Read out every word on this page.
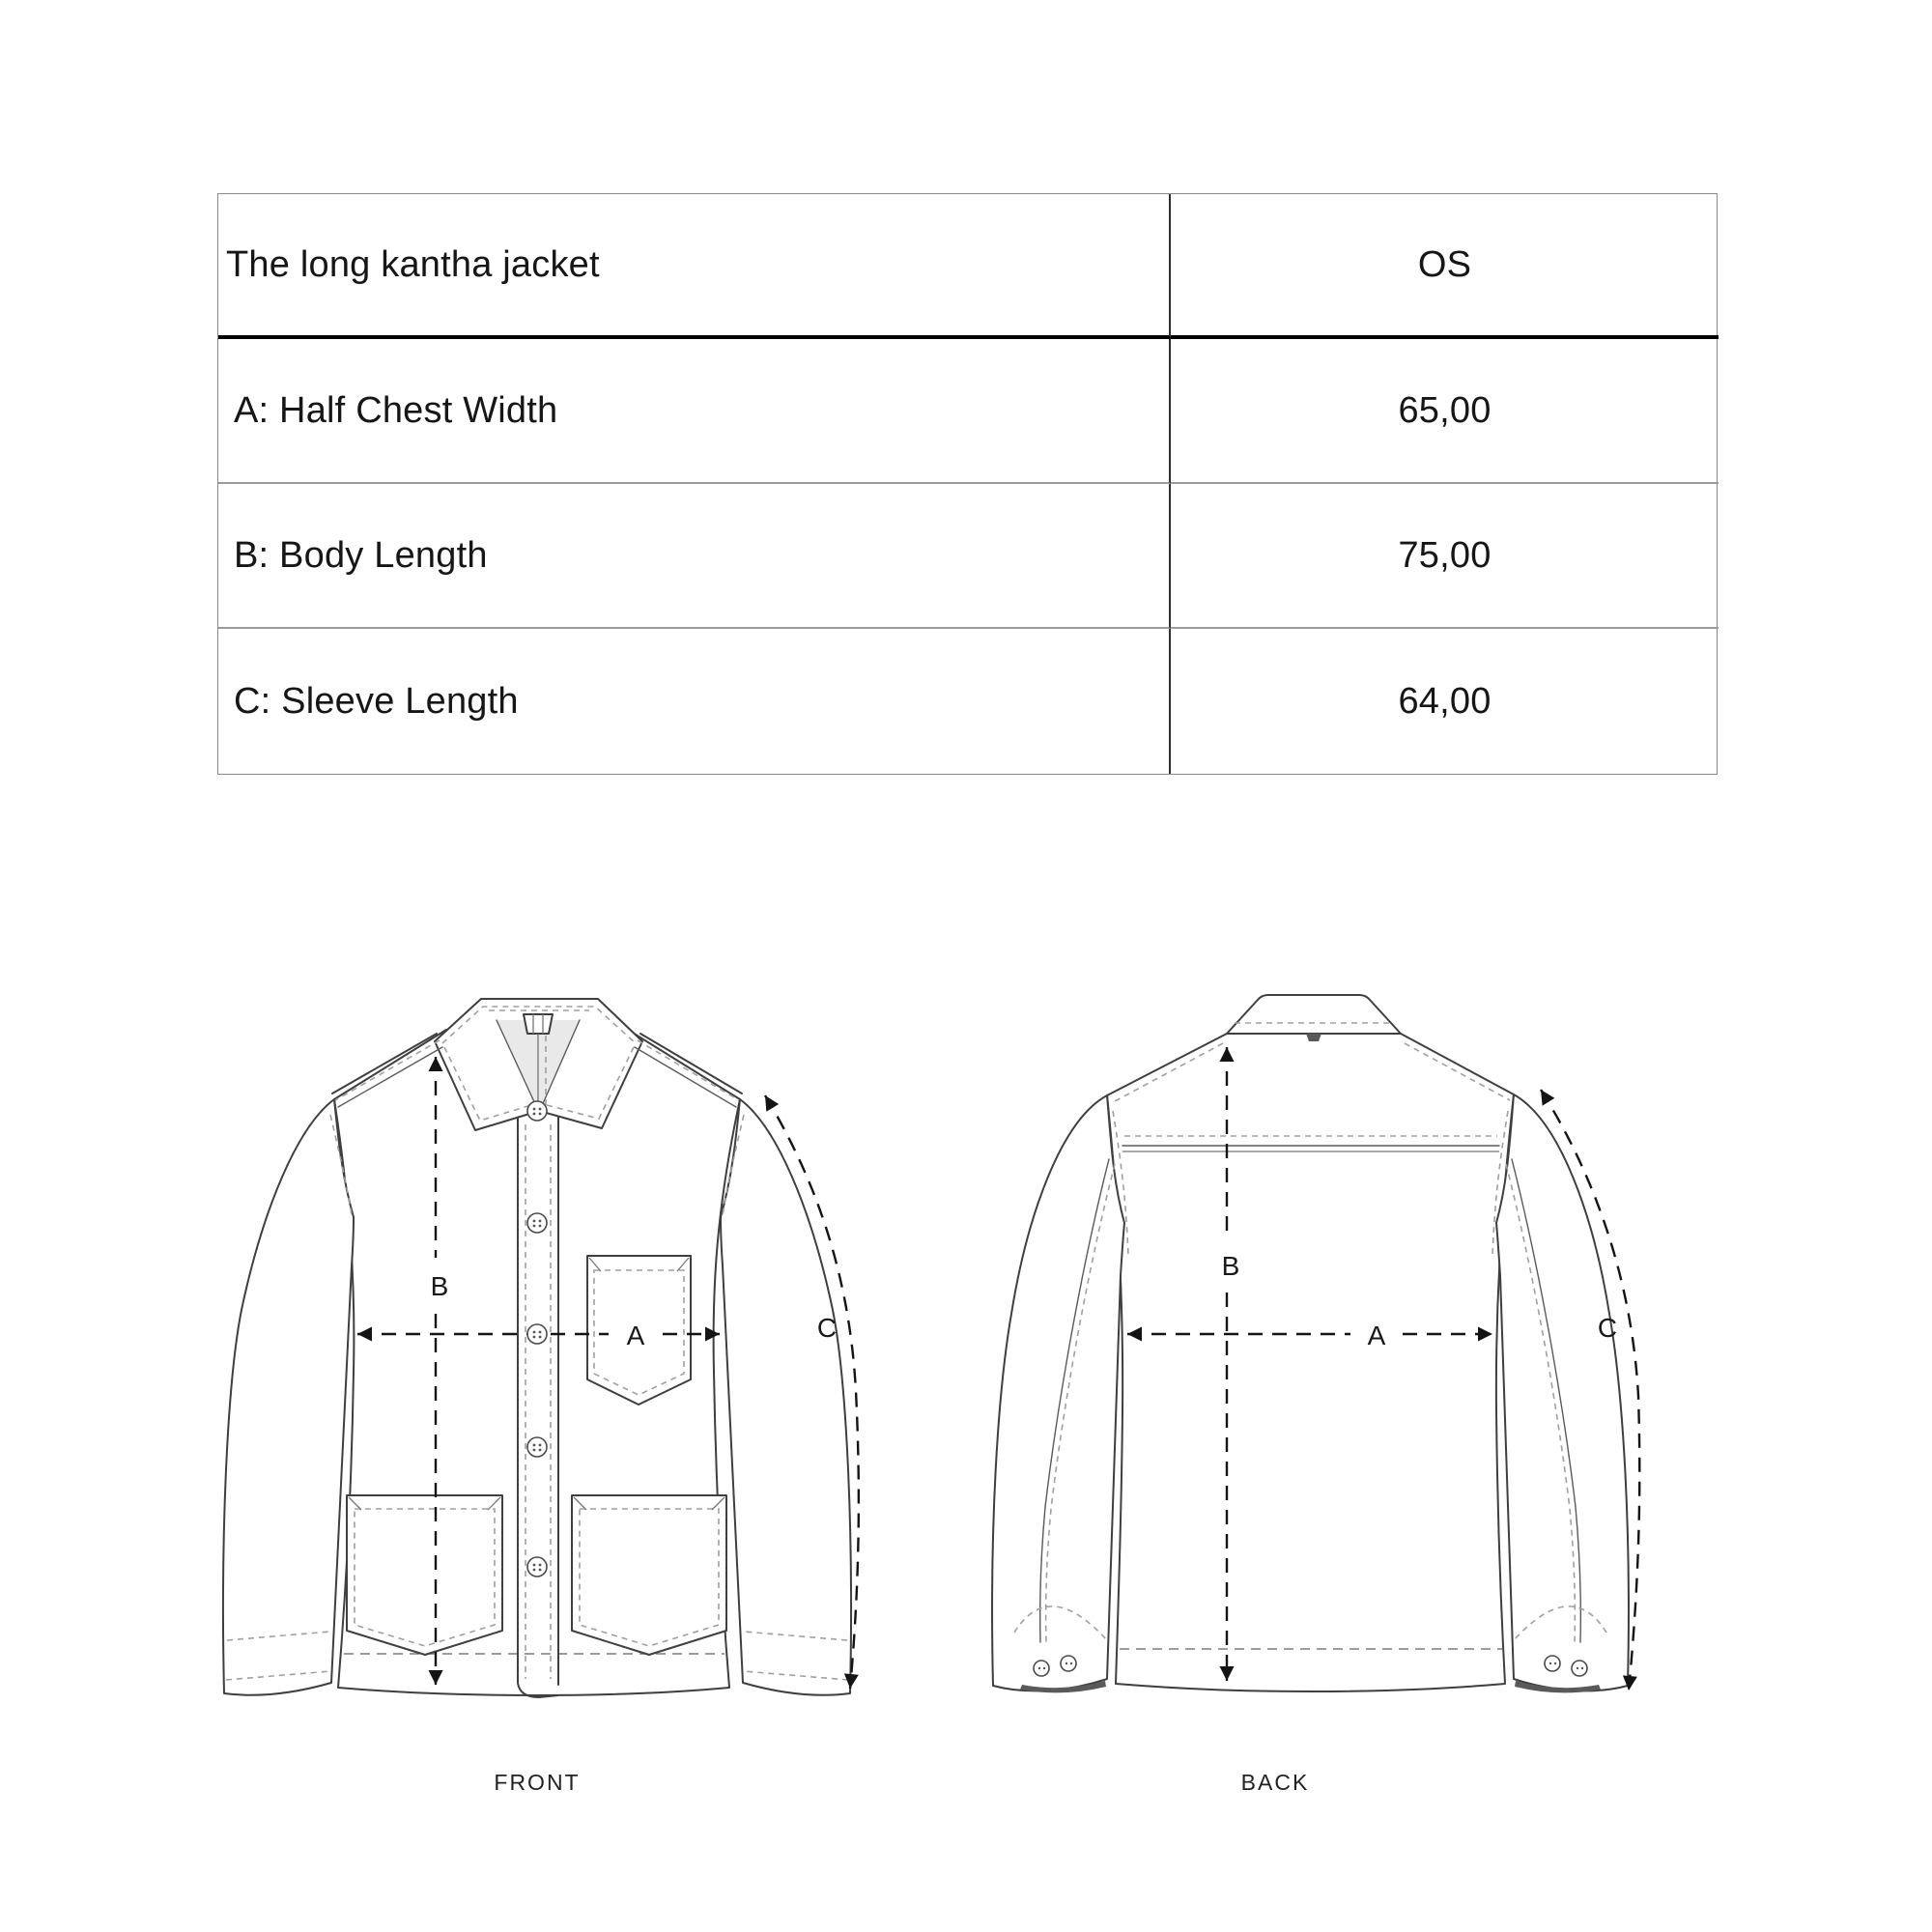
The long kantha jacket	OS
A: Half Chest Width	65,00
B: Body Length	75,00
C: Sleeve Length	64,00
A
B
C
FRONT
A
B
C
BACK
